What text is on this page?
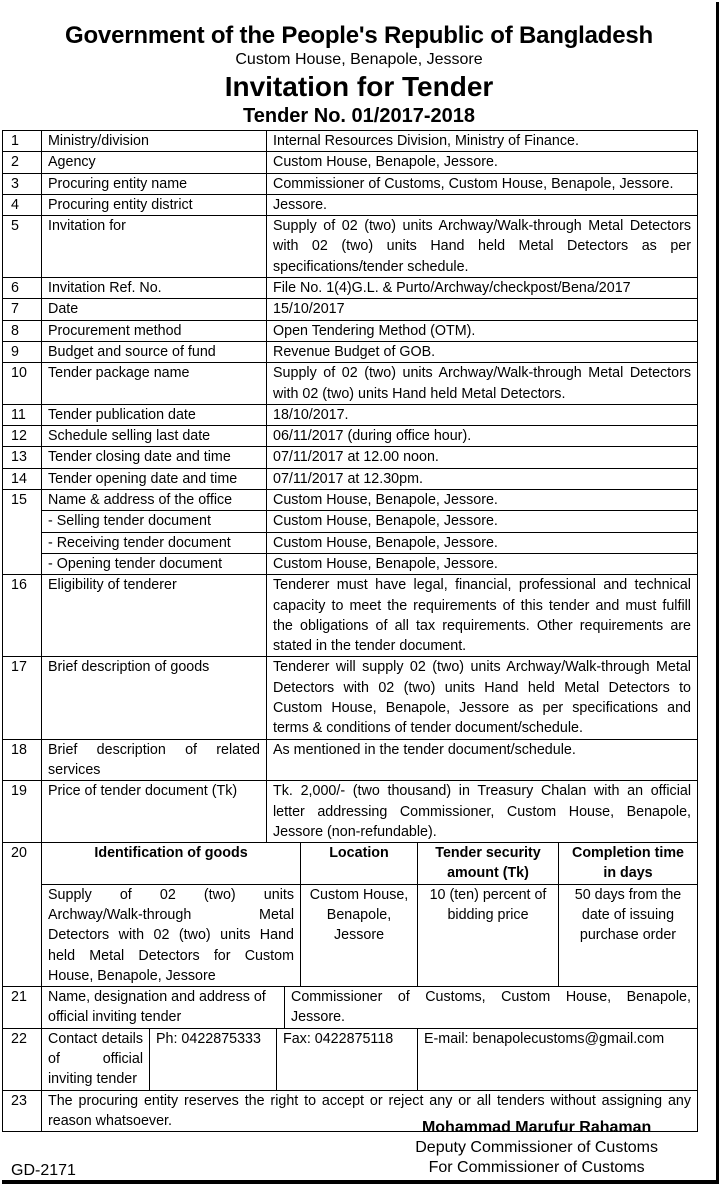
Government of the People's Republic of Bangladesh
Custom House, Benapole, Jessore
Invitation for Tender
Tender No. 01/2017-2018
1	Ministry/division	Internal Resources Division, Ministry of Finance.
2	Agency	Custom House, Benapole, Jessore.
3	Procuring entity name	Commissioner of Customs, Custom House, Benapole, Jessore.
4	Procuring entity district	Jessore.
5	Invitation for	Supply of 02 (two) units Archway/Walk-through Metal Detectors with 02 (two) units Hand held Metal Detectors as per specifications/tender schedule.
6	Invitation Ref. No.	File No. 1(4)G.L. & Purto/Archway/checkpost/Bena/2017
7	Date	15/10/2017
8	Procurement method	Open Tendering Method (OTM).
9	Budget and source of fund	Revenue Budget of GOB.
10	Tender package name	Supply of 02 (two) units Archway/Walk-through Metal Detectors with 02 (two) units Hand held Metal Detectors.
11	Tender publication date	18/10/2017.
12	Schedule selling last date	06/11/2017 (during office hour).
13	Tender closing date and time	07/11/2017 at 12.00 noon.
14	Tender opening date and time	07/11/2017 at 12.30pm.
15	Name & address of the office	Custom House, Benapole, Jessore.
	- Selling tender document	Custom House, Benapole, Jessore.
	- Receiving tender document	Custom House, Benapole, Jessore.
	- Opening tender document	Custom House, Benapole, Jessore.
16	Eligibility of tenderer	Tenderer must have legal, financial, professional and technical capacity to meet the requirements of this tender and must fulfill the obligations of all tax requirements. Other requirements are stated in the tender document.
17	Brief description of goods	Tenderer will supply 02 (two) units Archway/Walk-through Metal Detectors with 02 (two) units Hand held Metal Detectors to Custom House, Benapole, Jessore as per specifications and terms & conditions of tender document/schedule.
18	Brief description of related services	As mentioned in the tender document/schedule.
19	Price of tender document (Tk)	Tk. 2,000/- (two thousand) in Treasury Chalan with an official letter addressing Commissioner, Custom House, Benapole, Jessore (non-refundable).
20	Identification of goods	Location	Tender security amount (Tk)	Completion time in days
	Supply of 02 (two) units Archway/Walk-through Metal Detectors with 02 (two) units Hand held Metal Detectors for Custom House, Benapole, Jessore	Custom House, Benapole, Jessore	10 (ten) percent of bidding price	50 days from the date of issuing purchase order
21	Name, designation and address of official inviting tender	Commissioner of Customs, Custom House, Benapole, Jessore.
22	Contact details of official inviting tender	Ph: 0422875333	Fax: 0422875118	E-mail: benapolecustoms@gmail.com
23	The procuring entity reserves the right to accept or reject any or all tenders without assigning any reason whatsoever.	Mohammad Marufur Rahaman
Deputy Commissioner of Customs
For Commissioner of Customs
GD-2171
